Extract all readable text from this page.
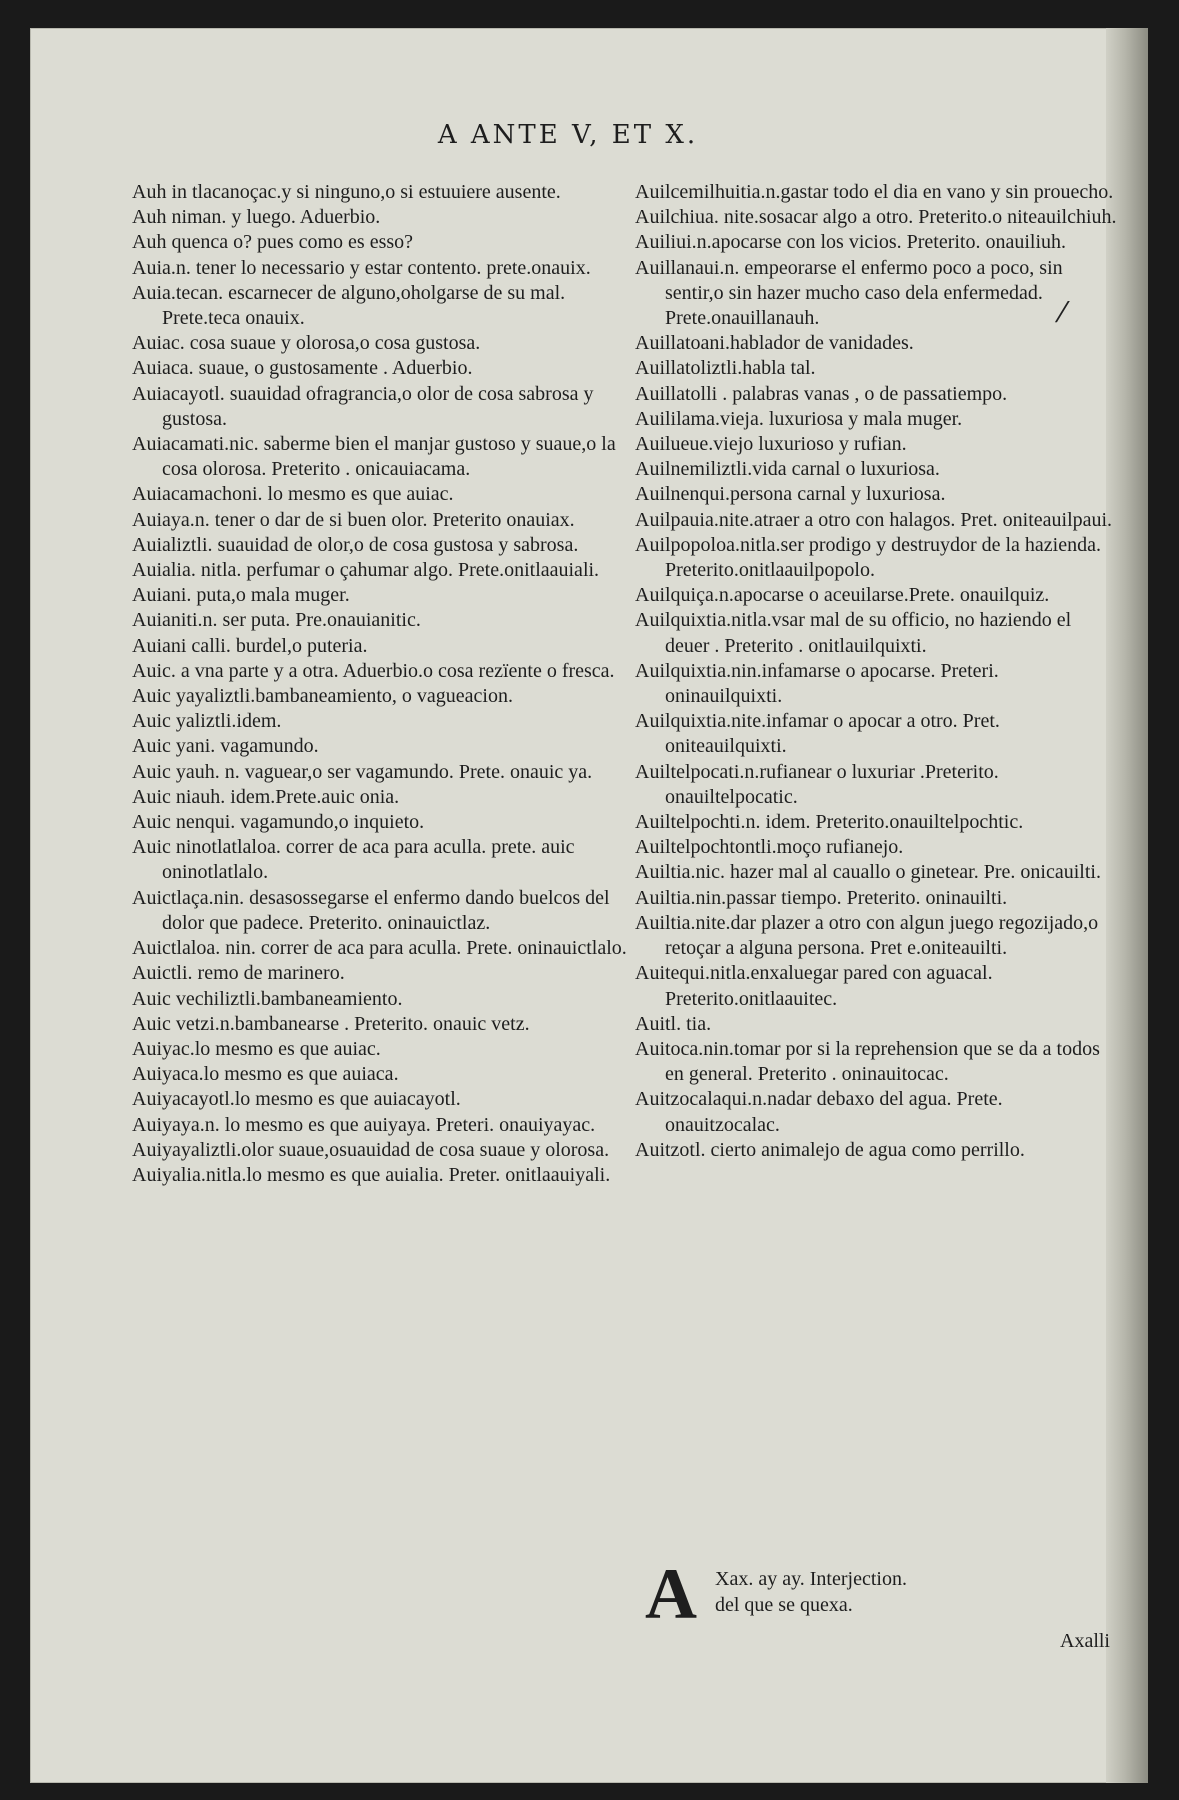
A ANTE V, ET X.

Auh in tlacanoçac.y si ninguno,o si estuuiere ausente.

Auh niman. y luego. Aduerbio.

Auh quenca o? pues como es esso?

Auia.n. tener lo necessario y estar contento. prete.onauix.

Auia.tecan. escarnecer de alguno,oholgarse de su mal. Prete.teca onauix.

Auiac. cosa suaue y olorosa,o cosa gustosa.

Auiaca. suaue, o gustosamente . Aduerbio.

Auiacayotl. suauidad ofragrancia,o olor de cosa sabrosa y gustosa.

Auiacamati.nic. saberme bien el manjar gustoso y suaue,o la cosa olorosa. Preterito . onicauiacama.

Auiacamachoni. lo mesmo es que auiac.

Auiaya.n. tener o dar de si buen olor. Preterito onauiax.

Auializtli. suauidad de olor,o de cosa gustosa y sabrosa.

Auialia. nitla. perfumar o çahumar algo. Prete.onitlaauiali.

Auiani. puta,o mala muger.

Auianiti.n. ser puta. Pre.onauianitic.

Auiani calli. burdel,o puteria.

Auic. a vna parte y a otra. Aduerbio.o cosa rezïente o fresca.

Auic yayaliztli.bambaneamiento, o vagueacion.

Auic yaliztli.idem.

Auic yani. vagamundo.

Auic yauh. n. vaguear,o ser vagamundo. Prete. onauic ya.

Auic niauh. idem.Prete.auic onia.

Auic nenqui. vagamundo,o inquieto.

Auic ninotlatlaloa. correr de aca para aculla. prete. auic oninotlatlalo.

Auictlaça.nin. desasossegarse el enfermo dando buelcos del dolor que padece. Preterito. oninauictlaz.

Auictlaloa. nin. correr de aca para aculla. Prete. oninauictlalo.

Auictli. remo de marinero.

Auic vechiliztli.bambaneamiento.

Auic vetzi.n.bambanearse . Preterito. onauic vetz.

Auiyac.lo mesmo es que auiac.

Auiyaca.lo mesmo es que auiaca.

Auiyacayotl.lo mesmo es que auiacayotl.

Auiyaya.n. lo mesmo es que auiyaya. Preteri. onauiyayac.

Auiyayaliztli.olor suaue,osuauidad de cosa suaue y olorosa.

Auiyalia.nitla.lo mesmo es que auialia. Preter. onitlaauiyali.

Auilcemilhuitia.n.gastar todo el dia en vano y sin prouecho.

Auilchiua. nite.sosacar algo a otro. Preterito.o niteauilchiuh.

Auiliui.n.apocarse con los vicios. Preterito. onauiliuh.

Auillanaui.n. empeorarse el enfermo poco a poco, sin sentir,o sin hazer mucho caso dela enfermedad. Prete.onauillanauh.

Auillatoani.hablador de vanidades.

Auillatoliztli.habla tal.

Auillatolli . palabras vanas , o de passatiempo.

Auililama.vieja. luxuriosa y mala muger.

Auilueue.viejo luxurioso y rufian.

Auilnemiliztli.vida carnal o luxuriosa.

Auilnenqui.persona carnal y luxuriosa.

Auilpauia.nite.atraer a otro con halagos. Pret. oniteauilpaui.

Auilpopoloa.nitla.ser prodigo y destruydor de la hazienda. Preterito.onitlaauilpopolo.

Auilquiça.n.apocarse o aceuilarse.Prete. onauilquiz.

Auilquixtia.nitla.vsar mal de su officio, no haziendo el deuer . Preterito . onitlauilquixti.

Auilquixtia.nin.infamarse o apocarse. Preteri. oninauilquixti.

Auilquixtia.nite.infamar o apocar a otro. Pret. oniteauilquixti.

Auiltelpocati.n.rufianear o luxuriar .Preterito. onauiltelpocatic.

Auiltelpochti.n. idem. Preterito.onauiltelpochtic.

Auiltelpochtontli.moço rufianejo.

Auiltia.nic. hazer mal al cauallo o ginetear. Pre. onicauilti.

Auiltia.nin.passar tiempo. Preterito. oninauilti.

Auiltia.nite.dar plazer a otro con algun juego regozijado,o retoçar a alguna persona. Pret e.oniteauilti.

Auitequi.nitla.enxaluegar pared con aguacal. Preterito.onitlaauitec.

Auitl. tia.

Auitoca.nin.tomar por si la reprehension que se da a todos en general. Preterito . oninauitocac.

Auitzocalaqui.n.nadar debaxo del agua. Prete. onauitzocalac.

Auitzotl. cierto animalejo de agua como perrillo.

⁄
A Xax. ay ay. Interjection.
del que se quexa.
Axalli
